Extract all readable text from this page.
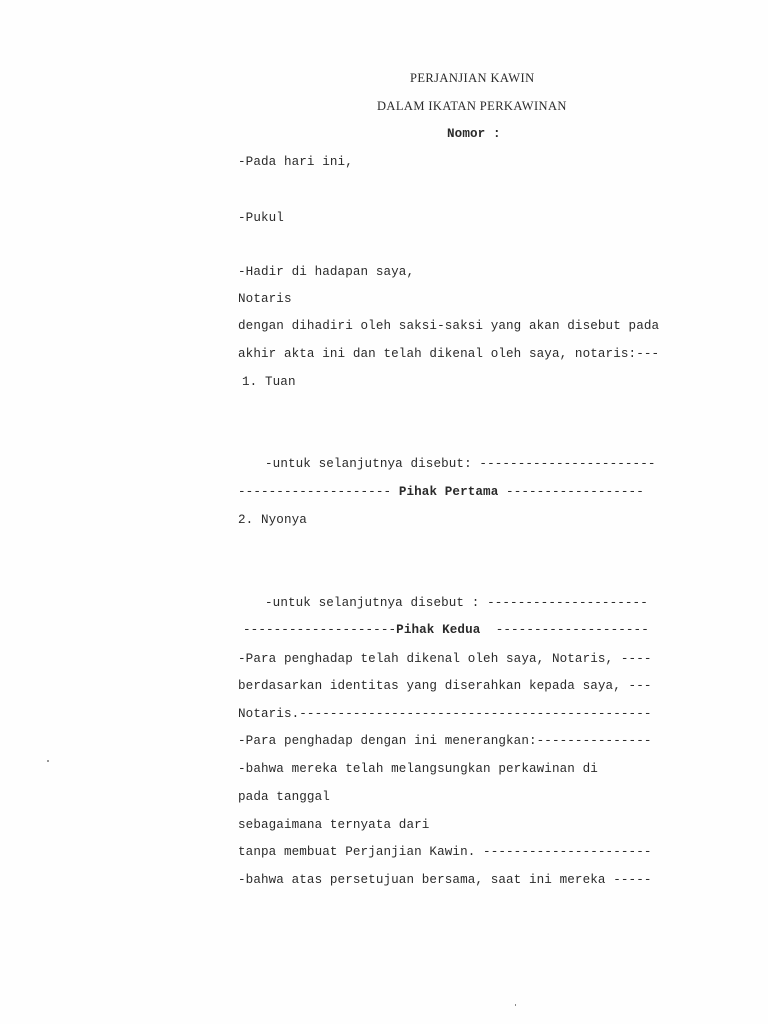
PERJANJIAN KAWIN
DALAM IKATAN PERKAWINAN
Nomor :
-Pada hari ini,
-Pukul
-Hadir di hadapan saya,
Notaris
dengan dihadiri oleh saksi-saksi yang akan disebut pada
akhir akta ini dan telah dikenal oleh saya, notaris:---
1. Tuan
-untuk selanjutnya disebut: -----------------------
-------------------- Pihak Pertama ------------------
2. Nyonya
-untuk selanjutnya disebut : ---------------------
--------------------Pihak Kedua  --------------------
-Para penghadap telah dikenal oleh saya, Notaris, ----
berdasarkan identitas yang diserahkan kepada saya, ---
Notaris.----------------------------------------------
-Para penghadap dengan ini menerangkan:---------------
-bahwa mereka telah melangsungkan perkawinan di
pada tanggal
sebagaimana ternyata dari
tanpa membuat Perjanjian Kawin. ----------------------
-bahwa atas persetujuan bersama, saat ini mereka -----
